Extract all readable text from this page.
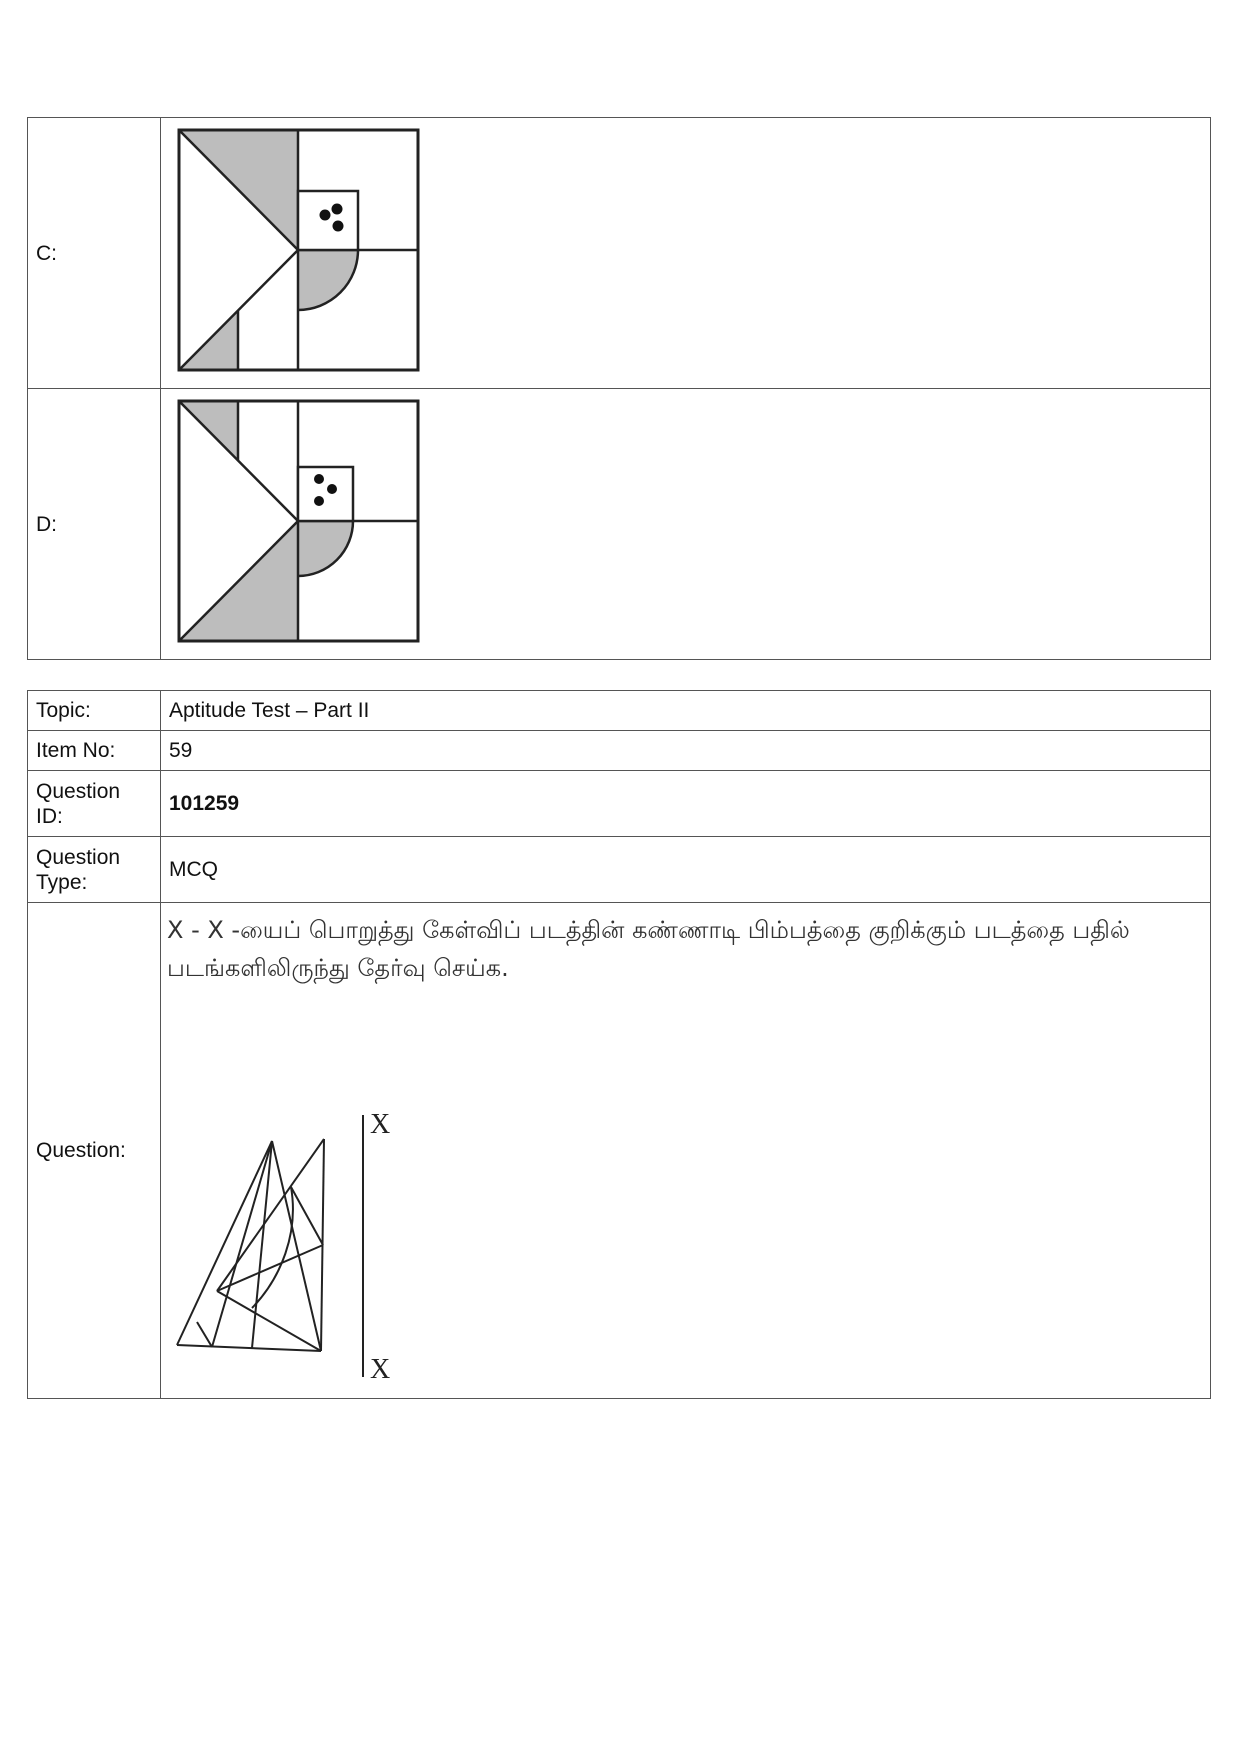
C:	
D:	
Topic:	Aptitude Test – Part II
Item No:	59
Question ID:	101259
Question Type:	MCQ
Question:	X - X -யைப் பொறுத்து கேள்விப் படத்தின் கண்ணாடி பிம்பத்தை குறிக்கும் படத்தை பதில் படங்களிலிருந்து தேர்வு செய்க.

X
X
